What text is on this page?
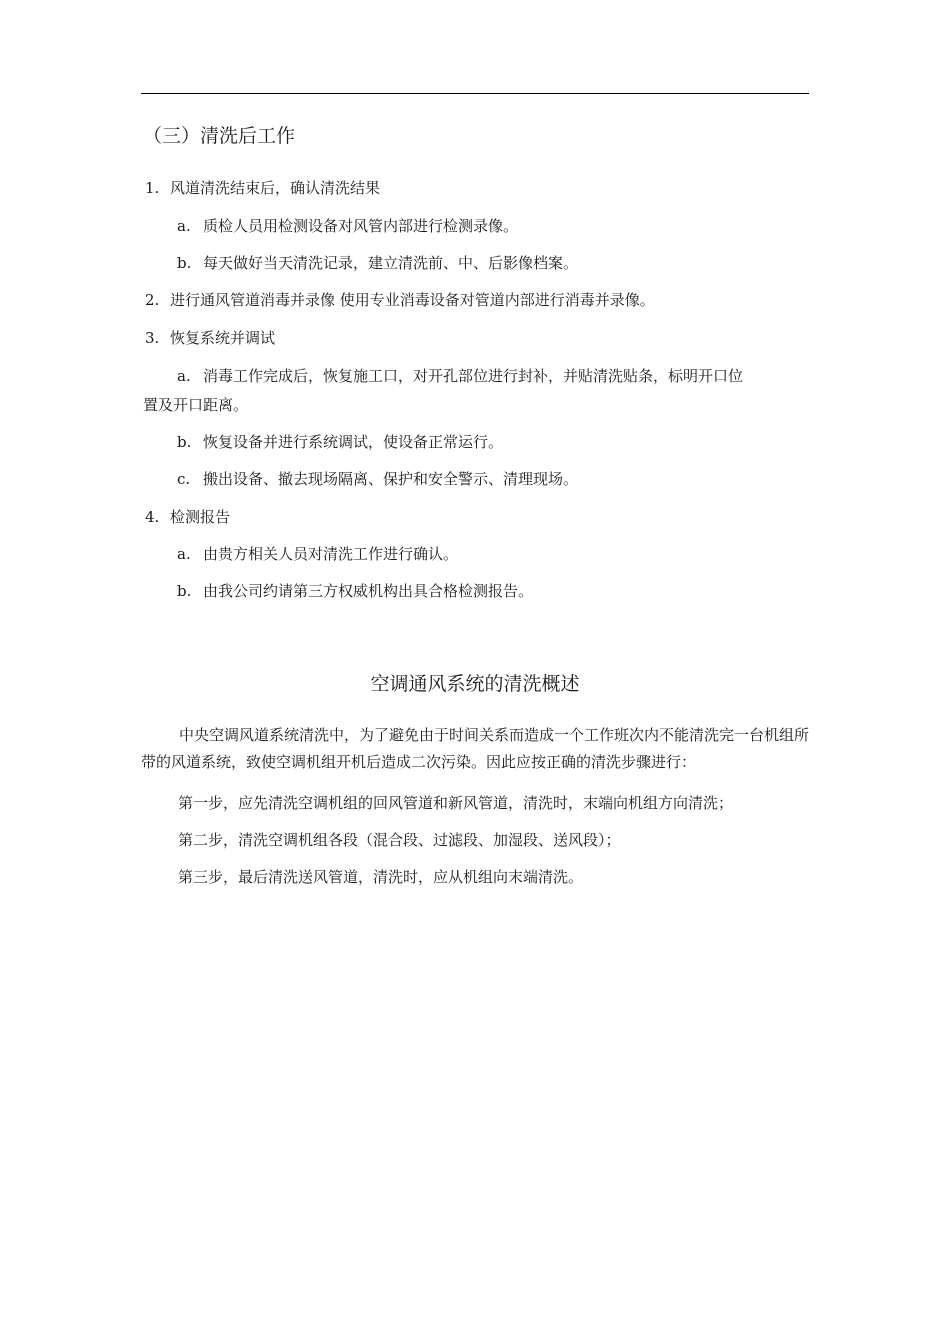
（三）清洗后工作
1. 风道清洗结束后，确认清洗结果
a. 质检人员用检测设备对风管内部进行检测录像。
b. 每天做好当天清洗记录，建立清洗前、中、后影像档案。
2. 进行通风管道消毒并录像 使用专业消毒设备对管道内部进行消毒并录像。
3. 恢复系统并调试
a. 消毒工作完成后，恢复施工口，对开孔部位进行封补，并贴清洗贴条，标明开口位
置及开口距离。
b. 恢复设备并进行系统调试，使设备正常运行。
c. 搬出设备、撤去现场隔离、保护和安全警示、清理现场。
4. 检测报告
a. 由贵方相关人员对清洗工作进行确认。
b. 由我公司约请第三方权威机构出具合格检测报告。
空调通风系统的清洗概述
中央空调风道系统清洗中，为了避免由于时间关系而造成一个工作班次内不能清洗完一台机组所带的风道系统，致使空调机组开机后造成二次污染。因此应按正确的清洗步骤进行：
第一步，应先清洗空调机组的回风管道和新风管道，清洗时，末端向机组方向清洗；
第二步，清洗空调机组各段（混合段、过滤段、加湿段、送风段）；
第三步，最后清洗送风管道，清洗时，应从机组向末端清洗。
